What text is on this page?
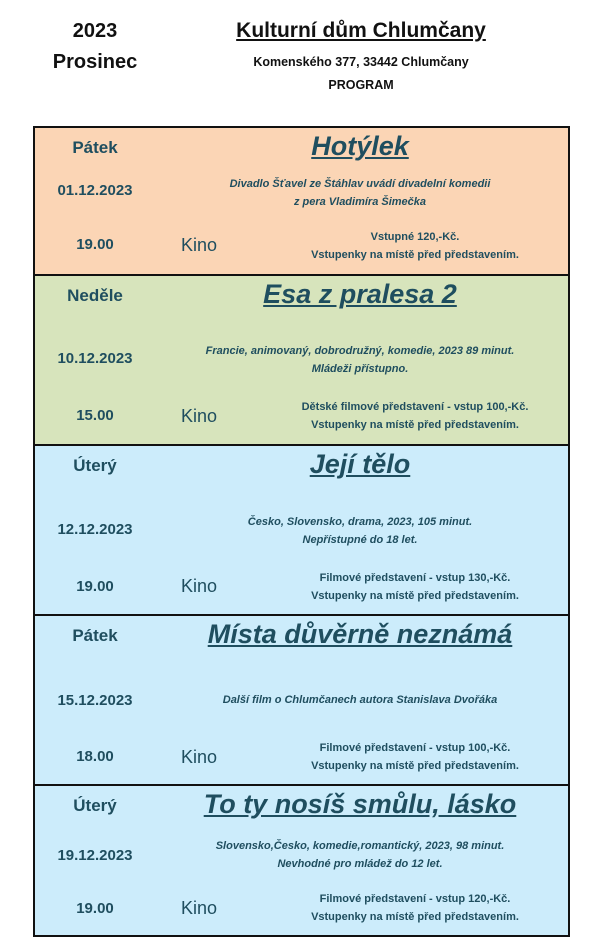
2023
Prosinec
Kulturní dům Chlumčany
Komenského 377, 33442 Chlumčany
PROGRAM
Pátek	Hotýlek
01.12.2023	Divadlo Šťavel ze Štáhlav uvádí divadelní komedii
z pera Vladimíra Šimečka
19.00	Kino	Vstupné 120,-Kč.
Vstupenky na místě před představením.
Neděle	Esa z pralesa 2
10.12.2023	Francie, animovaný, dobrodružný, komedie, 2023 89 minut.
Mládeži přístupno.
15.00	Kino	Dětské filmové představení - vstup 100,-Kč.
Vstupenky na místě před představením.
Úterý	Její tělo
12.12.2023	Česko, Slovensko, drama, 2023, 105 minut.
Nepřístupné do 18 let.
19.00	Kino	Filmové představení - vstup 130,-Kč.
Vstupenky na místě před představením.
Pátek	Místa důvěrně neznámá
15.12.2023	Další film o Chlumčanech autora Stanislava Dvořáka
18.00	Kino	Filmové představení - vstup 100,-Kč.
Vstupenky na místě před představením.
Úterý	To ty nosíš smůlu, lásko
19.12.2023
Slovensko,Česko, komedie,romantický, 2023, 98 minut.
Nevhodné pro mládež do 12 let.
19.00	Kino	Filmové představení - vstup 120,-Kč.
Vstupenky na místě před představením.
